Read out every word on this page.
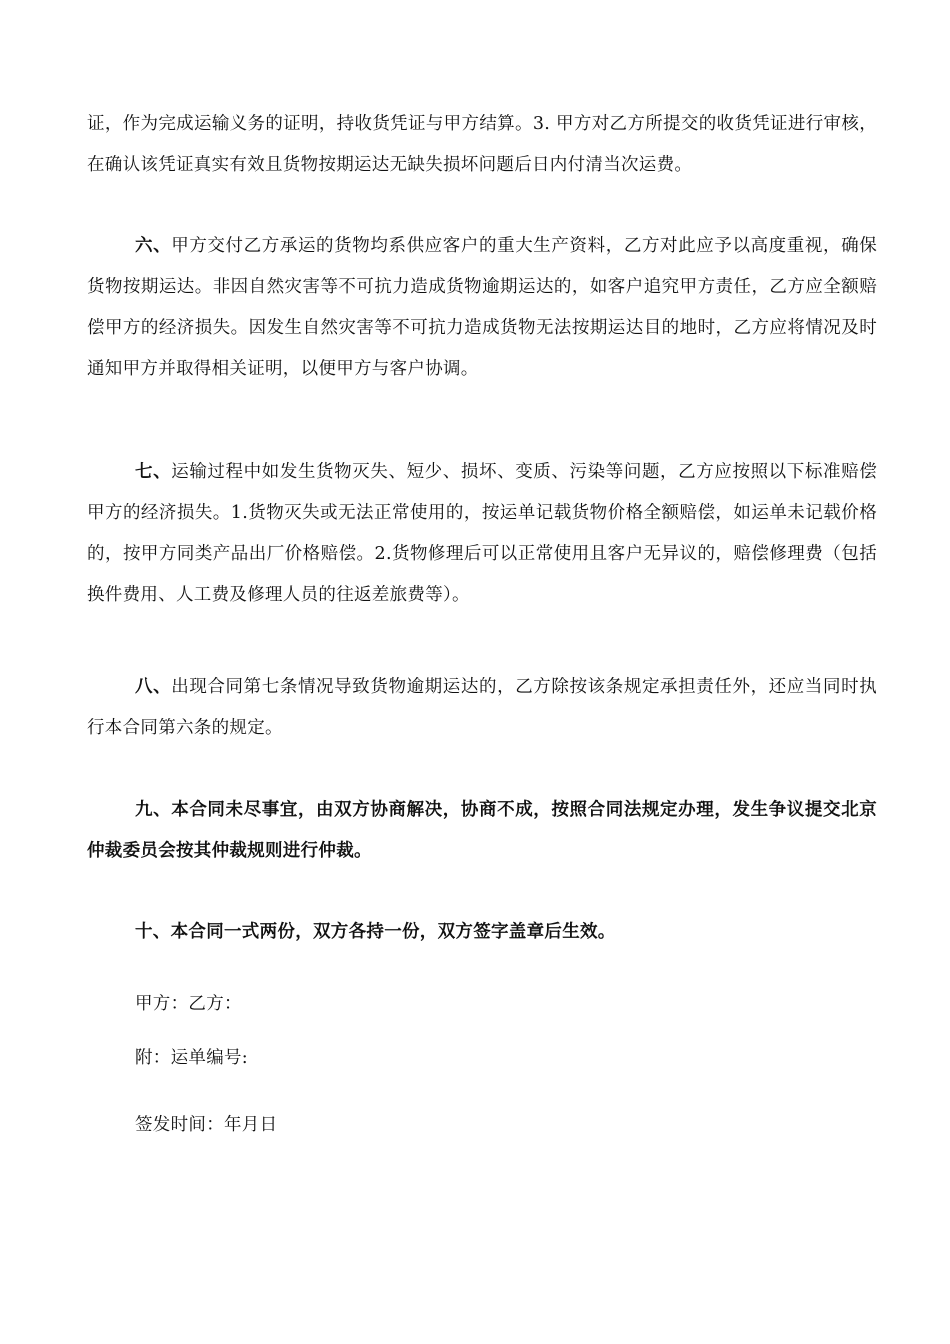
证，作为完成运输义务的证明，持收货凭证与甲方结算。3. 甲方对乙方所提交的收货凭证进行审核，在确认该凭证真实有效且货物按期运达无缺失损坏问题后日内付清当次运费。

六、甲方交付乙方承运的货物均系供应客户的重大生产资料，乙方对此应予以高度重视，确保货物按期运达。非因自然灾害等不可抗力造成货物逾期运达的，如客户追究甲方责任，乙方应全额赔偿甲方的经济损失。因发生自然灾害等不可抗力造成货物无法按期运达目的地时，乙方应将情况及时通知甲方并取得相关证明，以便甲方与客户协调。

七、运输过程中如发生货物灭失、短少、损坏、变质、污染等问题，乙方应按照以下标准赔偿甲方的经济损失。1.货物灭失或无法正常使用的，按运单记载货物价格全额赔偿，如运单未记载价格的，按甲方同类产品出厂价格赔偿。2.货物修理后可以正常使用且客户无异议的，赔偿修理费（包括换件费用、人工费及修理人员的往返差旅费等）。

八、出现合同第七条情况导致货物逾期运达的，乙方除按该条规定承担责任外，还应当同时执行本合同第六条的规定。

九、本合同未尽事宜，由双方协商解决，协商不成，按照合同法规定办理，发生争议提交北京仲裁委员会按其仲裁规则进行仲裁。

十、本合同一式两份，双方各持一份，双方签字盖章后生效。

甲方：乙方：

附：运单编号:

签发时间：年月日
